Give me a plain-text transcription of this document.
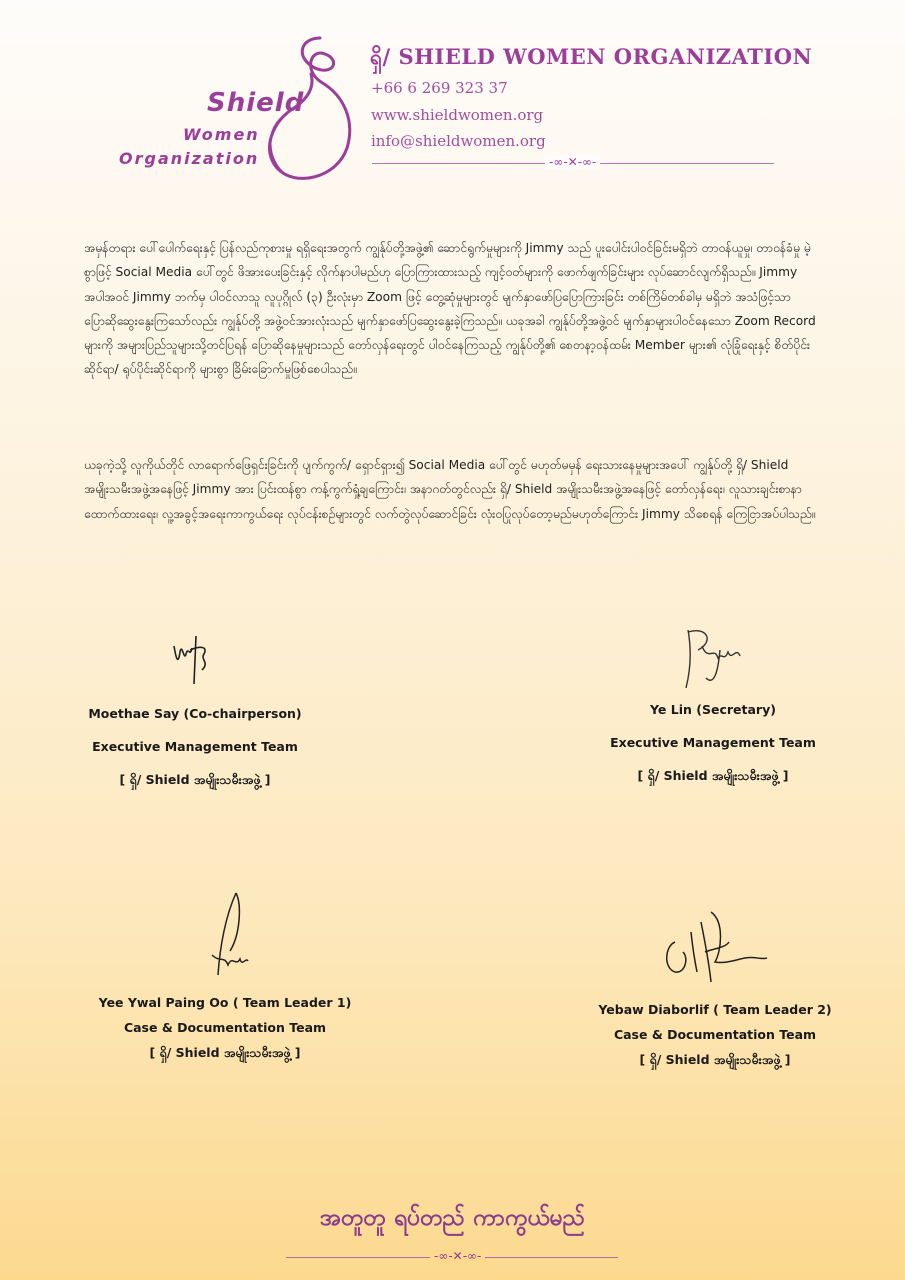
Shield
Women
Organization
ရှိ/ SHIELD WOMEN ORGANIZATION
+66 6 269 323 37
www.shieldwomen.org
info@shieldwomen.org
-∞-✕-∞-
အမှန်တရား ပေါ်ပေါက်ရေးနှင့် ပြန်လည်ကုစားမှု ရရှိရေးအတွက် ကျွန်ုပ်တို့အဖွဲ့၏ ဆောင်ရွက်မှုများကို Jimmy သည် ပူးပေါင်းပါဝင်ခြင်းမရှိဘဲ တာဝန်ယူမှု၊ တာဝန်ခံမှု မဲ့စွာဖြင့် Social Media ပေါ်တွင် ဖိအားပေးခြင်းနှင့် လိုက်နာပါမည်ဟု ပြောကြားထားသည့် ကျင့်ဝတ်များကို ဖောက်ဖျက်ခြင်းများ လုပ်ဆောင်လျက်ရှိသည်။ Jimmy အပါအဝင် Jimmy ဘက်မှ ပါဝင်လာသူ လူပုဂ္ဂိုလ် (၃) ဦးလုံးမှာ Zoom ဖြင့် တွေ့ဆုံမှုများတွင် မျက်နှာဖော်ပြပြောကြားခြင်း တစ်ကြိမ်တစ်ခါမှ မရှိဘဲ အသံဖြင့်သာ ပြောဆိုဆွေးနွေးကြသော်လည်း ကျွန်ုပ်တို့ အဖွဲ့ဝင်အားလုံးသည် မျက်နှာဖော်ပြဆွေးနွေးခဲ့ကြသည်။ ယခုအခါ ကျွန်ုပ်တို့အဖွဲ့ဝင် မျက်နှာများပါဝင်နေသော Zoom Record များကို အများပြည်သူများသို့တင်ပြရန် ပြောဆိုနေမှုများသည် တော်လှန်ရေးတွင် ပါဝင်နေကြသည့် ကျွန်ုပ်တို့၏ စေတနာ့ဝန်ထမ်း Member များ၏ လုံခြုံရေးနှင့် စိတ်ပိုင်းဆိုင်ရာ/ ရုပ်ပိုင်းဆိုင်ရာကို များစွာ ခြိမ်းခြောက်မှုဖြစ်စေပါသည်။
ယခုကဲ့သို့ လူကိုယ်တိုင် လာရောက်ဖြေရှင်းခြင်းကို ပျက်ကွက်/ ရှောင်ရှား၍ Social Media ပေါ်တွင် မဟုတ်မမှန် ရေးသားနေမှုများအပေါ် ကျွန်ုပ်တို့ ရှိ/ Shield အမျိုးသမီးအဖွဲ့အနေဖြင့် Jimmy အား ပြင်းထန်စွာ ကန့်ကွက်ရှုံ့ချကြောင်း၊ အနာဂတ်တွင်လည်း ရှိ/ Shield အမျိုးသမီးအဖွဲ့အနေဖြင့် တော်လှန်ရေး၊ လူသားချင်းစာနာထောက်ထားရေး၊ လူ့အခွင့်အရေးကာကွယ်ရေး လုပ်ငန်းစဉ်များတွင် လက်တွဲလုပ်ဆောင်ခြင်း လုံးဝပြုလုပ်တော့မည်မဟုတ်ကြောင်း Jimmy သိစေရန် ကြေငြာအပ်ပါသည်။
Moethae Say (Co-chairperson)
Executive Management Team
[ ရှိ/ Shield အမျိုးသမီးအဖွဲ့ ]
Ye Lin (Secretary)
Executive Management Team
[ ရှိ/ Shield အမျိုးသမီးအဖွဲ့ ]
Yee Ywal Paing Oo ( Team Leader 1)
Case & Documentation Team
[ ရှိ/ Shield အမျိုးသမီးအဖွဲ့ ]
Yebaw Diaborlif ( Team Leader 2)
Case & Documentation Team
[ ရှိ/ Shield အမျိုးသမီးအဖွဲ့ ]
အတူတူ ရပ်တည် ကာကွယ်မည်
-∞-✕-∞-
